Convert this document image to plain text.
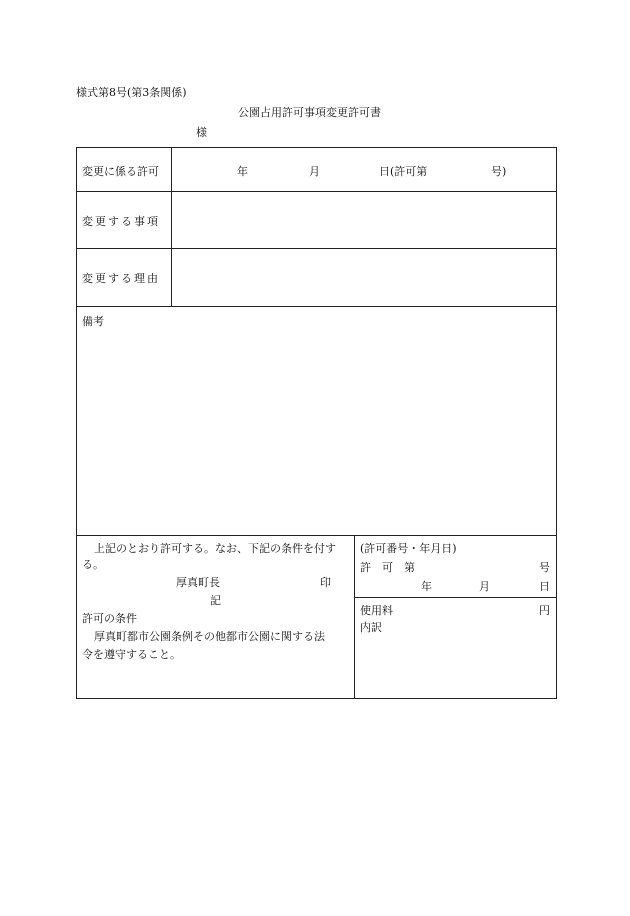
様式第8号(第3条関係)
公園占用許可事項変更許可書
様
変更に係る許可	年	月	日(許可第	号)
変更する事項
変更する理由
備考
上記のとおり許可する。なお、下記の条件を付す
る。
厚真町長	印
記
許可の条件
厚真町都市公園条例その他都市公園に関する法
令を遵守すること。
(許可番号・年月日)
許　可　第	号
年	月	日
使用料	円
内訳
